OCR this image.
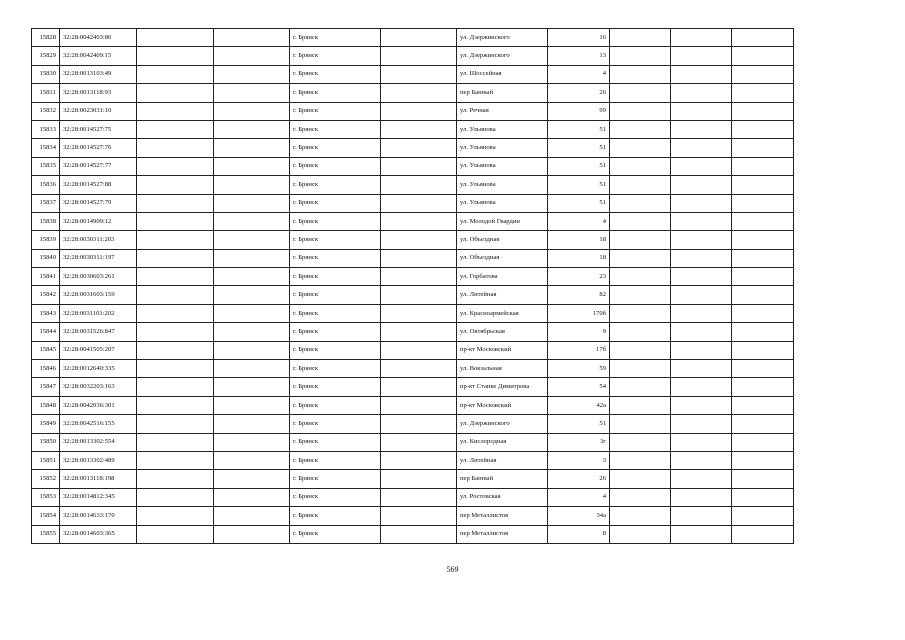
15828	32:28:0042403:80			г. Брянск		ул. Дзержинского	16			
15829	32:28:0042409:15			г. Брянск		ул. Дзержинского	13			
15830	32:28:0013103:49			г. Брянск		ул. Шоссейная	4			
15831	32:28:0013118:93			г. Брянск		пер Банный	26			
15832	32:28:0023031:10			г. Брянск		ул. Речная	99			
15833	32:28:0014527:75			г. Брянск		ул. Ульянова	51			
15834	32:28:0014527:76			г. Брянск		ул. Ульянова	51			
15835	32:28:0014527:77			г. Брянск		ул. Ульянова	51			
15836	32:28:0014527:88			г. Брянск		ул. Ульянова	51			
15837	32:28:0014527:79			г. Брянск		ул. Ульянова	51			
15838	32:28:0014909:12			г. Брянск		ул. Молодой Гвардии	4			
15839	32:28:0030311:203			г. Брянск		ул. Объездная	18			
15840	32:28:0030311:197			г. Брянск		ул. Объездная	18			
15841	32:28:0030603:261			г. Брянск		ул. Горбатова	23			
15842	32:28:0031603:159			г. Брянск		ул. Литейная	82			
15843	32:28:0031101:202			г. Брянск		ул. Красноармейская	170б			
15844	32:28:0031526:847			г. Брянск		ул. Октябрьская	9			
15845	32:28:0041505:207			г. Брянск		пр-кт Московский	17б			
15846	32:28:0012640:335			г. Брянск		ул. Вокзальная	59			
15847	32:28:0032203:163			г. Брянск		пр-кт Станке Димитрова	54			
15848	32:28:0042036:301			г. Брянск		пр-кт Московский	42а			
15849	32:28:0042516:155			г. Брянск		ул. Дзержинского	51			
15850	32:28:0013302:554			г. Брянск		ул. Кислородная	3г			
15851	32:28:0013302:489			г. Брянск		ул. Литейная	3			
15852	32:28:0013118:198			г. Брянск		пер Банный	26			
15853	32:28:0014812:345			г. Брянск		ул. Ростовская	4			
15854	32:28:0014633:170			г. Брянск		пер Металлистов	34а			
15855	32:28:0014603:365			г. Брянск		пер Металлистов	8			
569
